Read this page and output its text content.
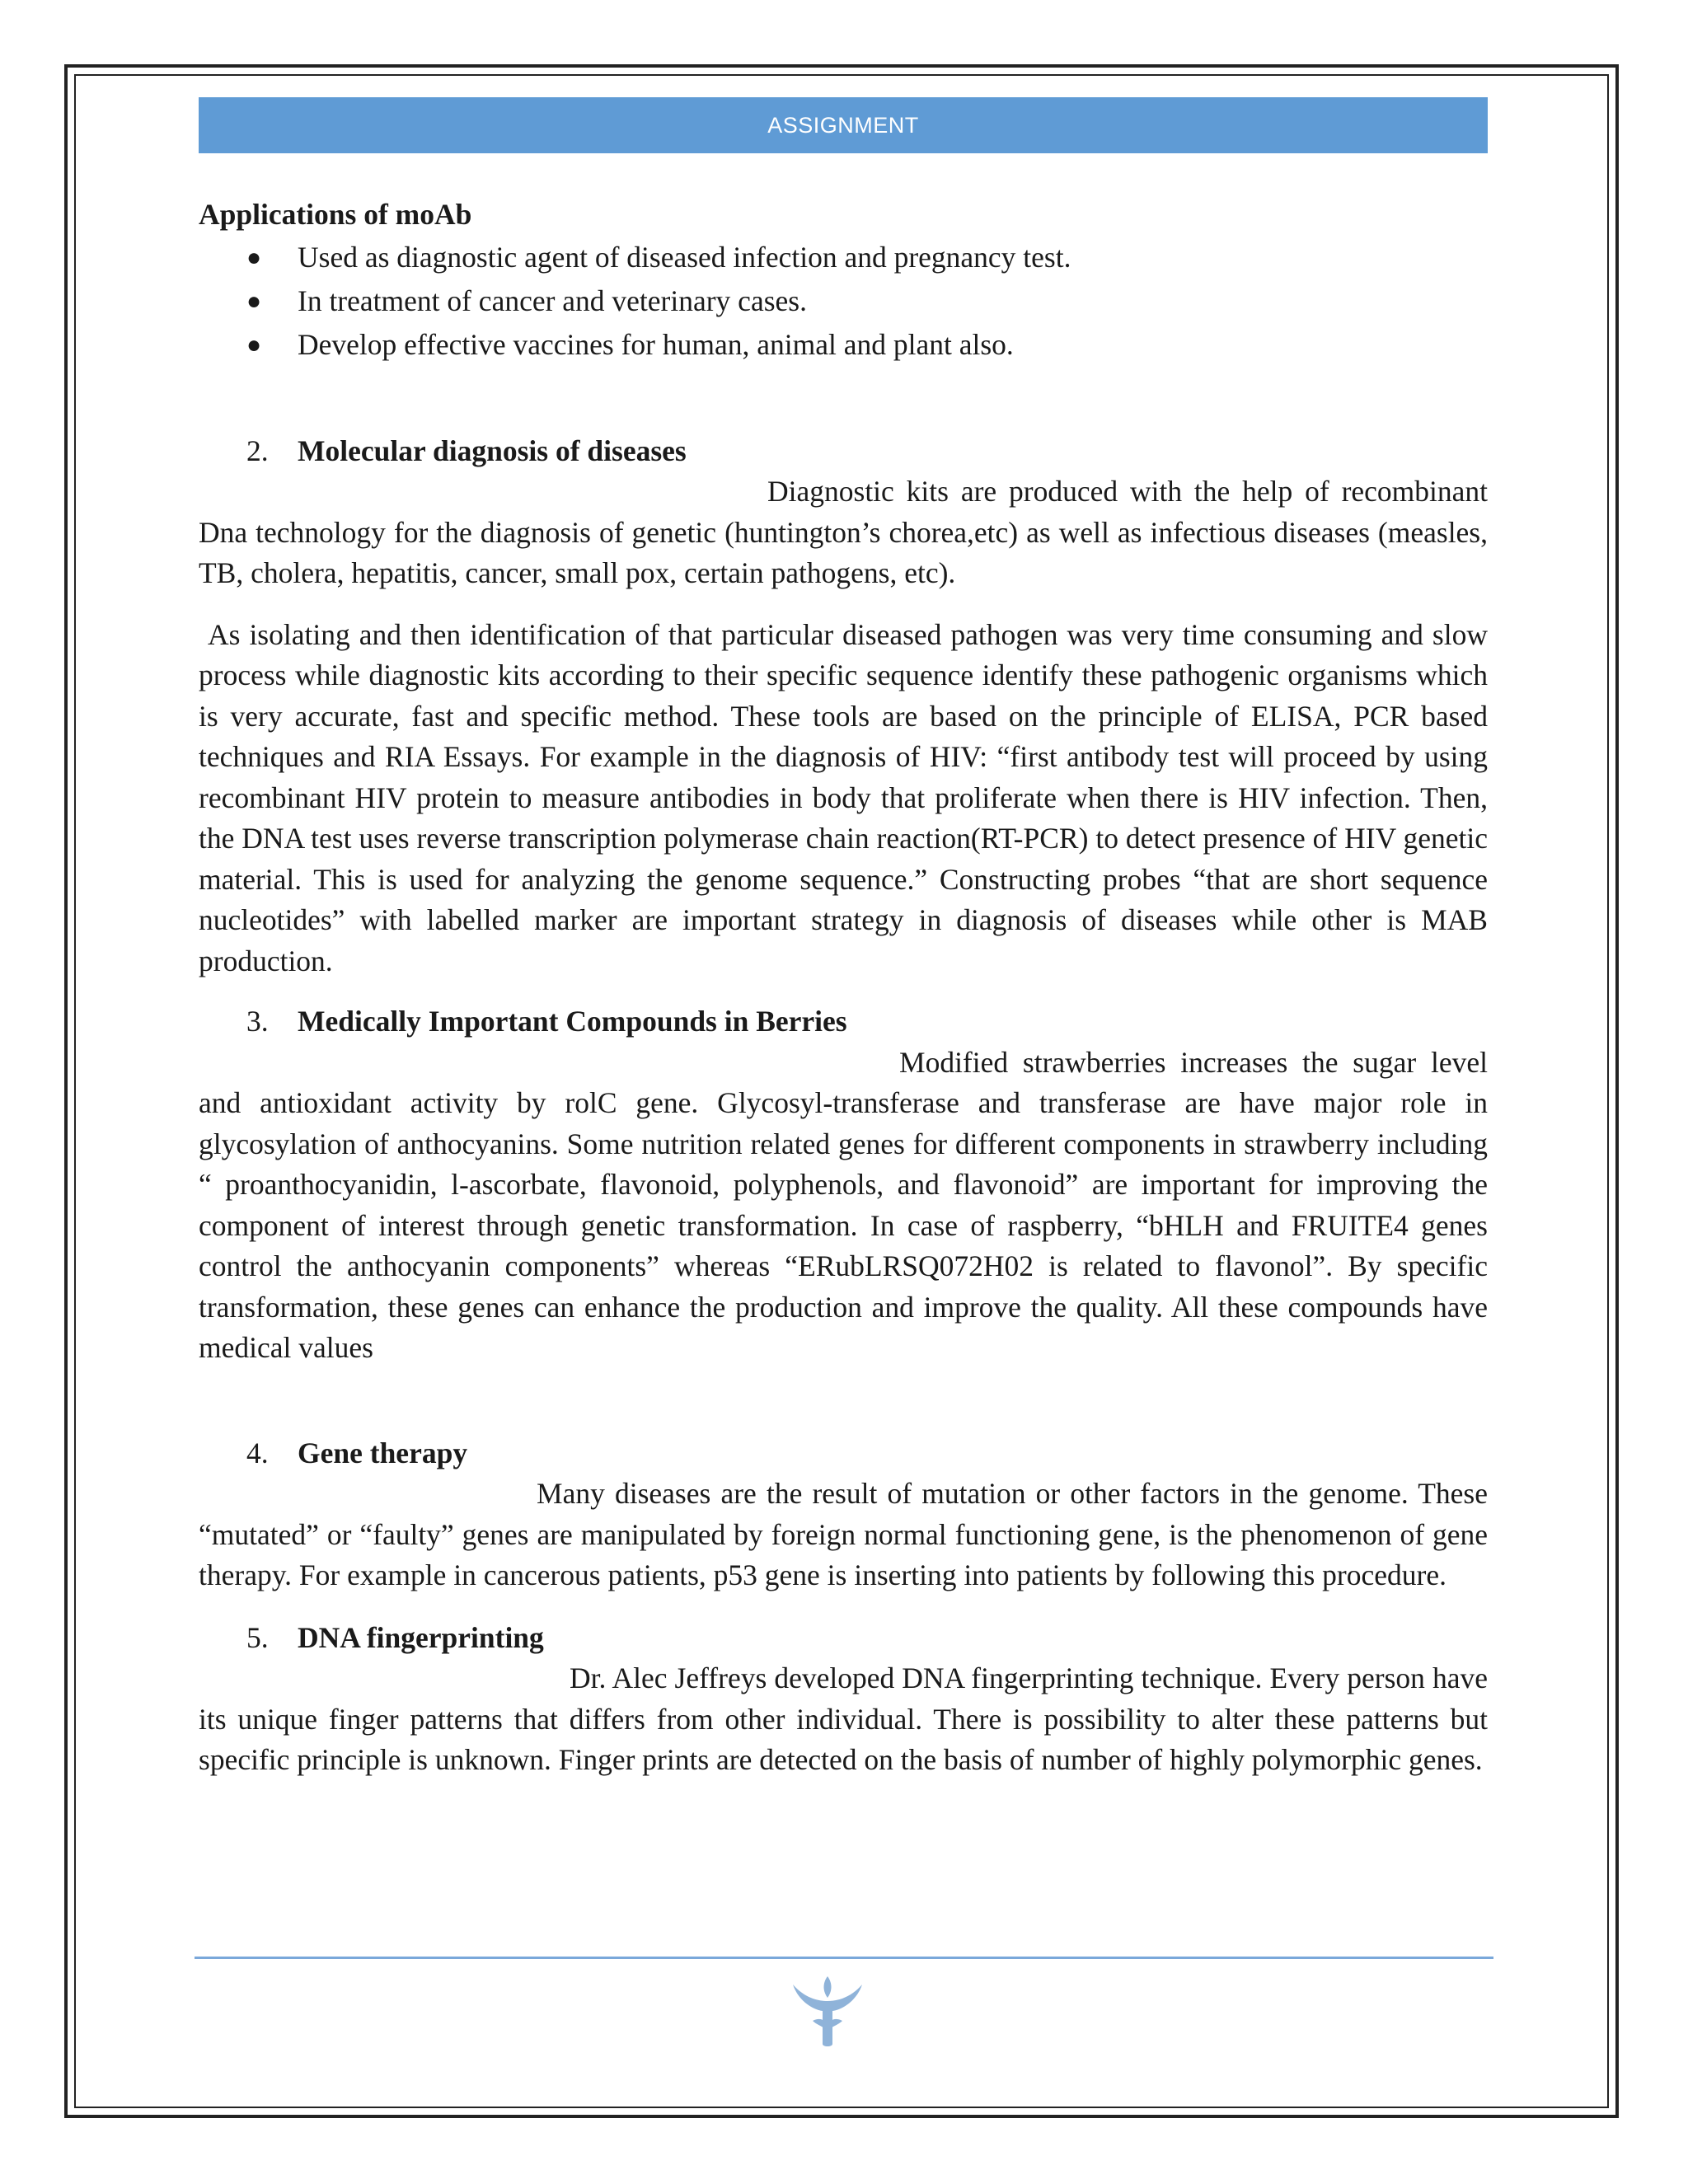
ASSIGNMENT

Applications of moAb

● Used as diagnostic agent of diseased infection and pregnancy test.
● In treatment of cancer and veterinary cases.
● Develop effective vaccines for human, animal and plant also.

2. Molecular diagnosis of diseases

Diagnostic kits are produced with the help of recombinant Dna technology for the diagnosis of genetic (huntington’s chorea,etc) as well as infectious diseases (measles, TB, cholera, hepatitis, cancer, small pox, certain pathogens, etc).

As isolating and then identification of that particular diseased pathogen was very time consuming and slow process while diagnostic kits according to their specific sequence identify these pathogenic organisms which is very accurate, fast and specific method. These tools are based on the principle of ELISA, PCR based techniques and RIA Essays. For example in the diagnosis of HIV: “first antibody test will proceed by using recombinant HIV protein to measure antibodies in body that proliferate when there is HIV infection. Then, the DNA test uses reverse transcription polymerase chain reaction(RT-PCR) to detect presence of HIV genetic material. This is used for analyzing the genome sequence.” Constructing probes “that are short sequence nucleotides” with labelled marker are important strategy in diagnosis of diseases while other is MAB production.

3. Medically Important Compounds in Berries

Modified strawberries increases the sugar level and antioxidant activity by rolC gene. Glycosyl-transferase and transferase are have major role in glycosylation of anthocyanins. Some nutrition related genes for different components in strawberry including “ proanthocyanidin, l-ascorbate, flavonoid, polyphenols, and flavonoid” are important for improving the component of interest through genetic transformation. In case of raspberry, “bHLH and FRUITE4 genes control the anthocyanin components” whereas “ERubLRSQ072H02 is related to flavonol”. By specific transformation, these genes can enhance the production and improve the quality. All these compounds have medical values

4. Gene therapy

Many diseases are the result of mutation or other factors in the genome. These “mutated” or “faulty” genes are manipulated by foreign normal functioning gene, is the phenomenon of gene therapy. For example in cancerous patients, p53 gene is inserting into patients by following this procedure.

5. DNA fingerprinting

Dr. Alec Jeffreys developed DNA fingerprinting technique. Every person have its unique finger patterns that differs from other individual. There is possibility to alter these patterns but specific principle is unknown. Finger prints are detected on the basis of number of highly polymorphic genes.
